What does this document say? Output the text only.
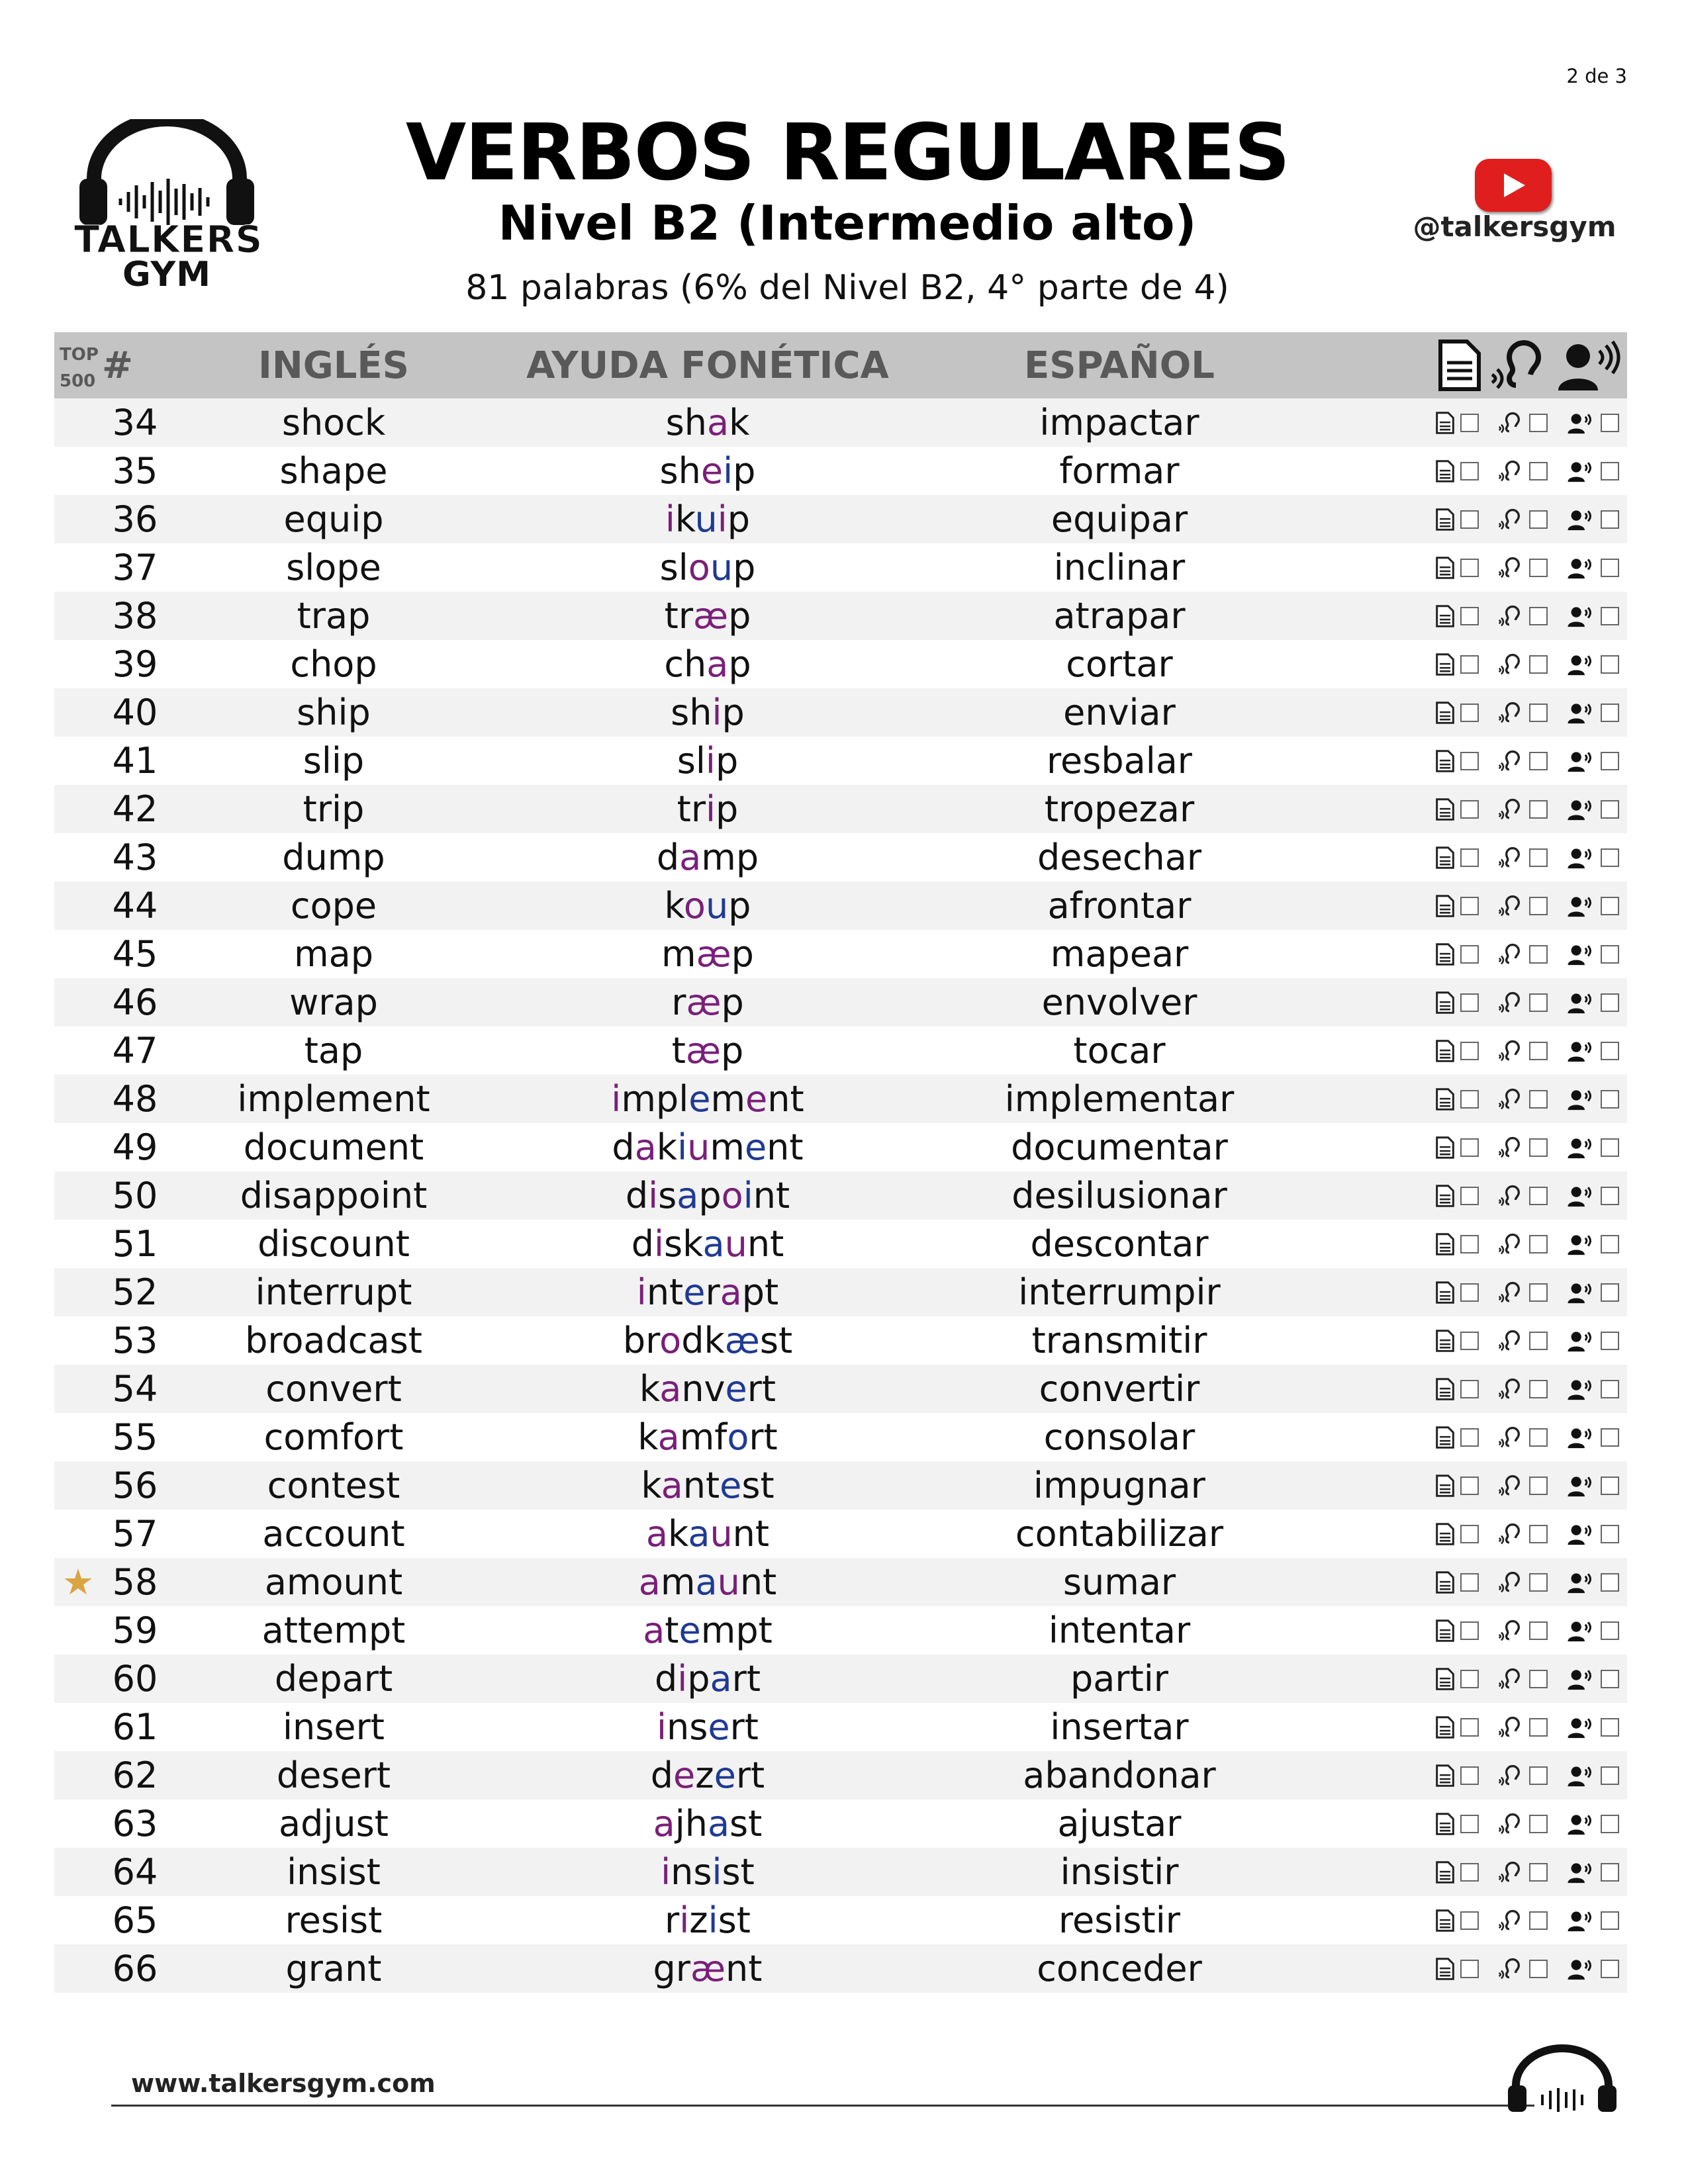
2 de 3
TALKERS
GYM
VERBOS REGULARES
Nivel B2 (Intermedio alto)
81 palabras (6% del Nivel B2, 4° parte de 4)
@talkersgym
TOP
500	#	INGLÉS	AYUDA FONÉTICA	ESPAÑOL	

	34	shock	shak	impactar	

	35	shape	sheip	formar	

	36	equip	ikuip	equipar	

	37	slope	sloup	inclinar	

	38	trap	træp	atrapar	

	39	chop	chap	cortar	

	40	ship	ship	enviar	

	41	slip	slip	resbalar	

	42	trip	trip	tropezar	

	43	dump	damp	desechar	

	44	cope	koup	afrontar	

	45	map	mæp	mapear	

	46	wrap	ræp	envolver	

	47	tap	tæp	tocar	

	48	implement	implement	implementar	

	49	document	dakiument	documentar	

	50	disappoint	disapoint	desilusionar	

	51	discount	diskaunt	descontar	

	52	interrupt	interapt	interrumpir	

	53	broadcast	brodkæst	transmitir	

	54	convert	kanvert	convertir	

	55	comfort	kamfort	consolar	

	56	contest	kantest	impugnar	

	57	account	akaunt	contabilizar	

★	58	amount	amaunt	sumar	

	59	attempt	atempt	intentar	

	60	depart	dipart	partir	

	61	insert	insert	insertar	

	62	desert	dezert	abandonar	

	63	adjust	ajhast	ajustar	

	64	insist	insist	insistir	

	65	resist	rizist	resistir	

	66	grant	grænt	conceder	
www.talkersgym.com
